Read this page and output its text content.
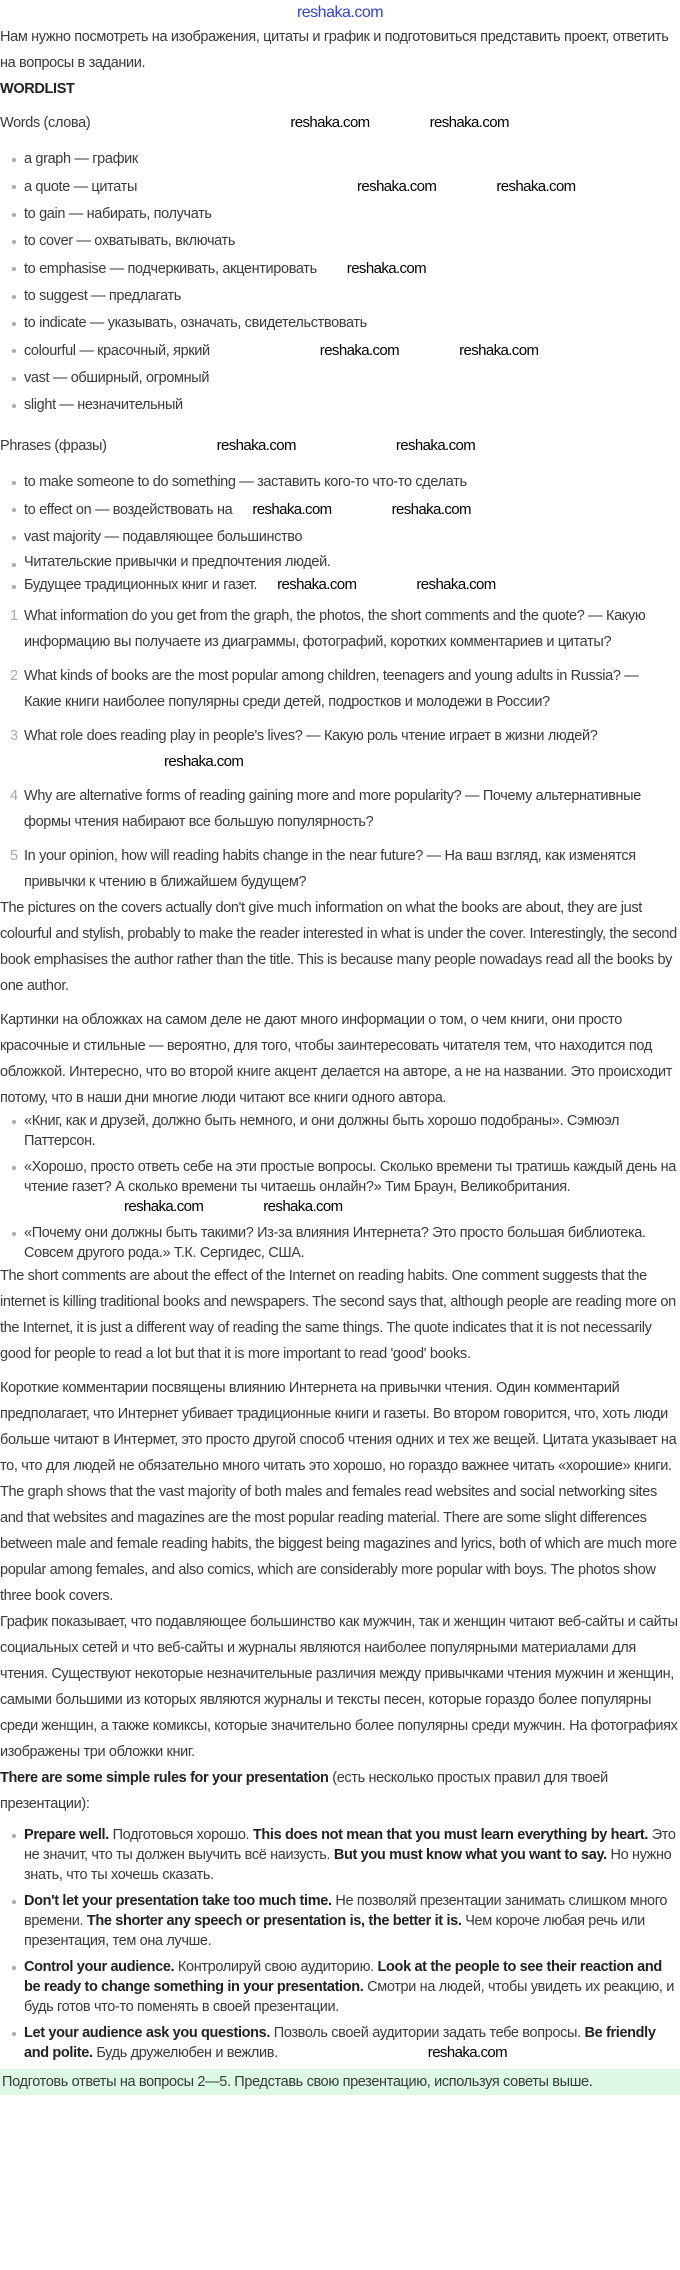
reshaka.com

Нам нужно посмотреть на изображения, цитаты и график и подготовиться представить проект, ответить на вопросы в задании.

WORDLIST

Words (слова)	reshaka.com	reshaka.com

a graph — график
a quote — цитаты	reshaka.com	reshaka.com
to gain — набирать, получать
to cover — охватывать, включать
to emphasise — подчеркивать, акцентировать reshaka.com
to suggest — предлагать
to indicate — указывать, означать, свидетельствовать
colourful — красочный, яркий	reshaka.com	reshaka.com
vast — обширный, огромный
slight — незначительный

Phrases (фразы)	reshaka.com	reshaka.com

to make someone to do something — заставить кого-то что-то сделать
to effect on — воздействовать на reshaka.com	reshaka.com
vast majority — подавляющее большинство
Читательские привычки и предпочтения людей.
Будущее традиционных книг и газет. reshaka.com	reshaka.com
1 What information do you get from the graph, the photos, the short comments and the quote? — Какую информацию вы получаете из диаграммы, фотографий, коротких комментариев и цитаты?
2 What kinds of books are the most popular among children, teenagers and young adults in Russia? — Какие книги наиболее популярны среди детей, подростков и молодежи в России?
3 What role does reading play in people's lives? — Какую роль чтение играет в жизни людей?reshaka.com
4 Why are alternative forms of reading gaining more and more popularity? — Почему альтернативные формы чтения набирают все большую популярность?
5 In your opinion, how will reading habits change in the near future? — На ваш взгляд, как изменятся привычки к чтению в ближайшем будущем?

The pictures on the covers actually don't give much information on what the books are about, they are just colourful and stylish, probably to make the reader interested in what is under the cover. Interestingly, the second book emphasises the author rather than the title. This is because many people nowadays read all the books by one author.

Картинки на обложках на самом деле не дают много информации о том, о чем книги, они просто красочные и стильные — вероятно, для того, чтобы заинтересовать читателя тем, что находится под обложкой. Интересно, что во второй книге акцент делается на авторе, а не на названии. Это происходит потому, что в наши дни многие люди читают все книги одного автора.

«Книг, как и друзей, должно быть немного, и они должны быть хорошо подобраны». Сэмюэл Паттерсон.
«Хорошо, просто ответь себе на эти простые вопросы. Сколько времени ты тратишь каждый день на чтение газет? А сколько времени ты читаешь онлайн?» Тим Браун, Великобритания.reshaka.com	reshaka.com
«Почему они должны быть такими? Из-за влияния Интернета? Это просто большая библиотека. Совсем другого рода.» Т.К. Сергидес, США.

The short comments are about the effect of the Internet on reading habits. One comment suggests that the internet is killing traditional books and newspapers. The second says that, although people are reading more on the Internet, it is just a different way of reading the same things. The quote indicates that it is not necessarily good for people to read a lot but that it is more important to read 'good' books.

Короткие комментарии посвящены влиянию Интернета на привычки чтения. Один комментарий предполагает, что Интернет убивает традиционные книги и газеты. Во втором говорится, что, хоть люди больше читают в Интермет, это просто другой способ чтения одних и тех же вещей. Цитата указывает на то, что для людей не обязательно много читать это хорошо, но гораздо важнее читать «хорошие» книги.

The graph shows that the vast majority of both males and females read websites and social networking sites and that websites and magazines are the most popular reading material. There are some slight differences between male and female reading habits, the biggest being magazines and lyrics, both of which are much more popular among females, and also comics, which are considerably more popular with boys. The photos show three book covers.

График показывает, что подавляющее большинство как мужчин, так и женщин читают веб-сайты и сайты социальных сетей и что веб-сайты и журналы являются наиболее популярными материалами для чтения. Существуют некоторые незначительные различия между привычками чтения мужчин и женщин, самыми большими из которых являются журналы и тексты песен, которые гораздо более популярны среди женщин, а также комиксы, которые значительно более популярны среди мужчин. На фотографиях изображены три обложки книг.

There are some simple rules for your presentation (есть несколько простых правил для твоей презентации):

Prepare well. Подготовься хорошо. This does not mean that you must learn everything by heart. Это не значит, что ты должен выучить всё наизусть. But you must know what you want to say. Но нужно знать, что ты хочешь сказать.
Don't let your presentation take too much time. Не позволяй презентации занимать слишком много времени. The shorter any speech or presentation is, the better it is. Чем короче любая речь или презентация, тем она лучше.
Control your audience. Контролируй свою аудиторию. Look at the people to see their reaction and be ready to change something in your presentation. Смотри на людей, чтобы увидеть их реакцию, и будь готов что-то поменять в своей презентации.
Let your audience ask you questions. Позволь своей аудитории задать тебе вопросы. Be friendly and polite. Будь дружелюбен и вежлив.	reshaka.com

Подготовь ответы на вопросы 2—5. Представь свою презентацию, используя советы выше.
